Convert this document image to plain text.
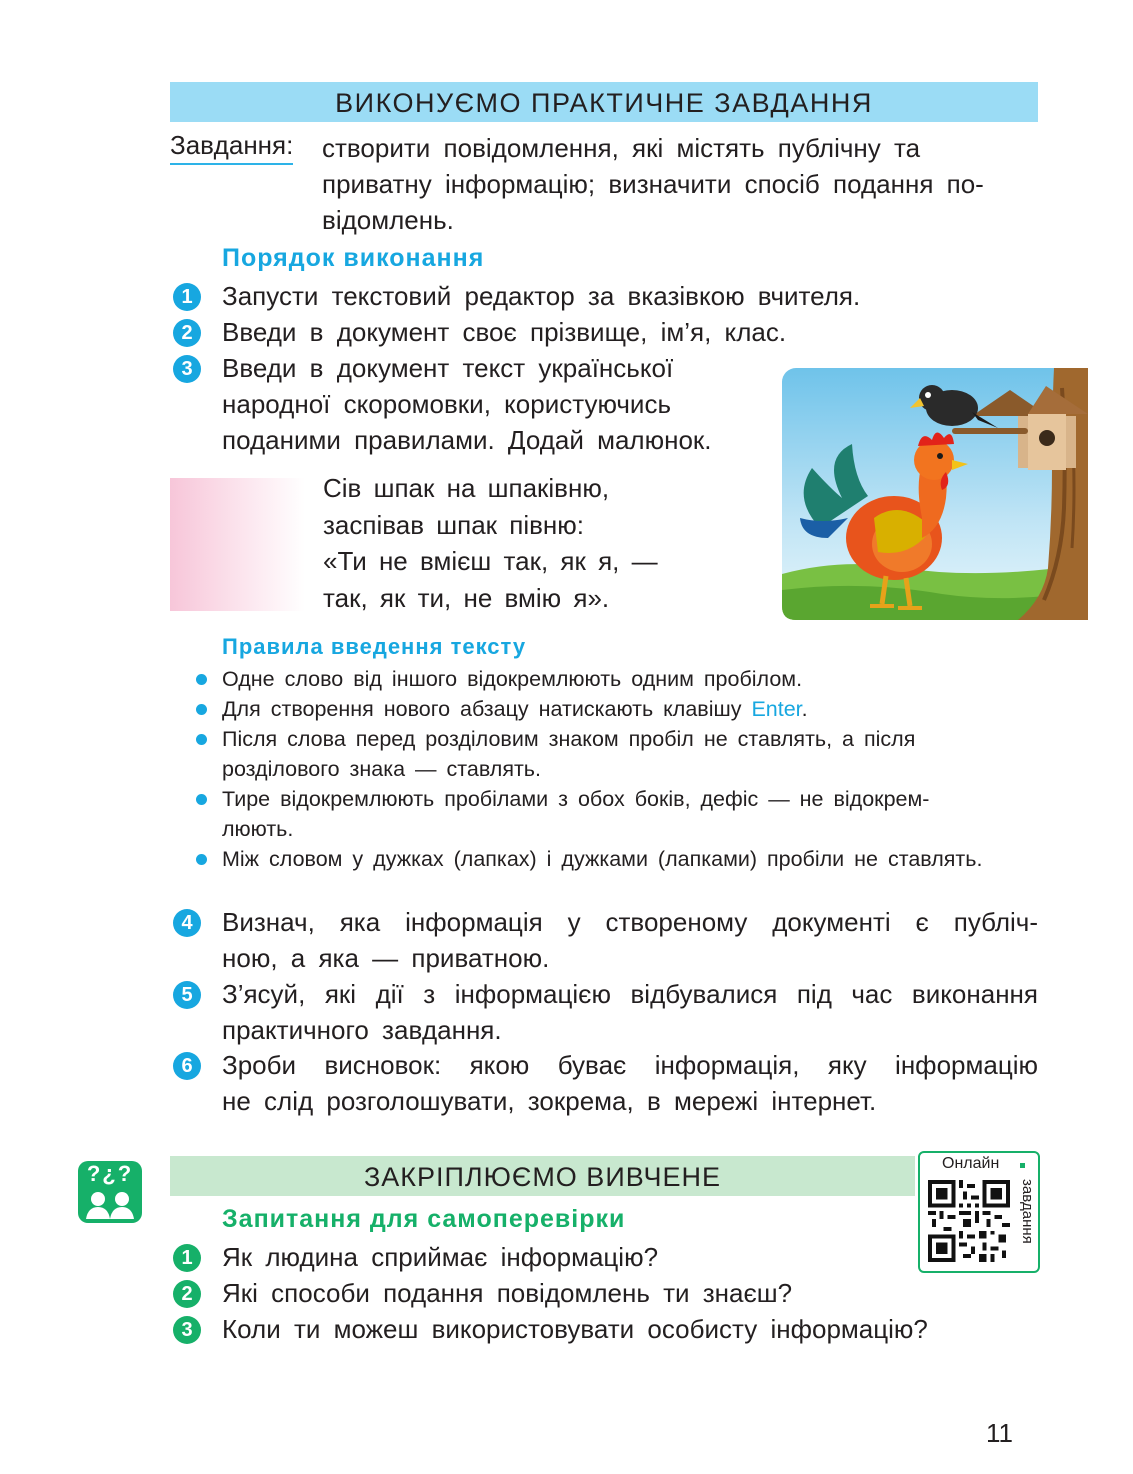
ВИКОНУЄМО ПРАКТИЧНЕ ЗАВДАННЯ
Завдання: створити повідомлення, які містять публічну та
приватну інформацію; визначити спосіб подання по-
відомлень.
Порядок виконання
1	Запусти текстовий редактор за вказівкою вчителя.
2	Введи в документ своє прізвище, ім’я, клас.
3	Введи в документ текст української
народної скоромовки, користуючись
поданими правилами. Додай малюнок.
Сів шпак на шпаківню,
заспівав шпак півню:
«Ти не вмієш так, як я, —
так, як ти, не вмію я».
Правила введення тексту
Одне слово від іншого відокремлюють одним пробілом.
Для створення нового абзацу натискають клавішу Enter.
Після слова перед розділовим знаком пробіл не ставлять, а після
розділового знака — ставлять.
Тире відокремлюють пробілами з обох боків, дефіс — не відокрем-
люють.
Між словом у дужках (лапках) і дужками (лапками) пробіли не ставлять.
4	Визнач, яка інформація у створеному документі є публіч-
ною, а яка — приватною.
5	З’ясуй, які дії з інформацією відбувалися під час виконання
практичного завдання.
6	Зроби висновок: якою буває інформація, яку інформацію
не слід розголошувати, зокрема, в мережі інтернет.
?¿?	ЗАКРІПЛЮЄМО ВИВЧЕНЕ	Онлайн
завдання
Запитання для самоперевірки
1	Як людина сприймає інформацію?
2	Які способи подання повідомлень ти знаєш?
3	Коли ти можеш використовувати особисту інформацію?
11
